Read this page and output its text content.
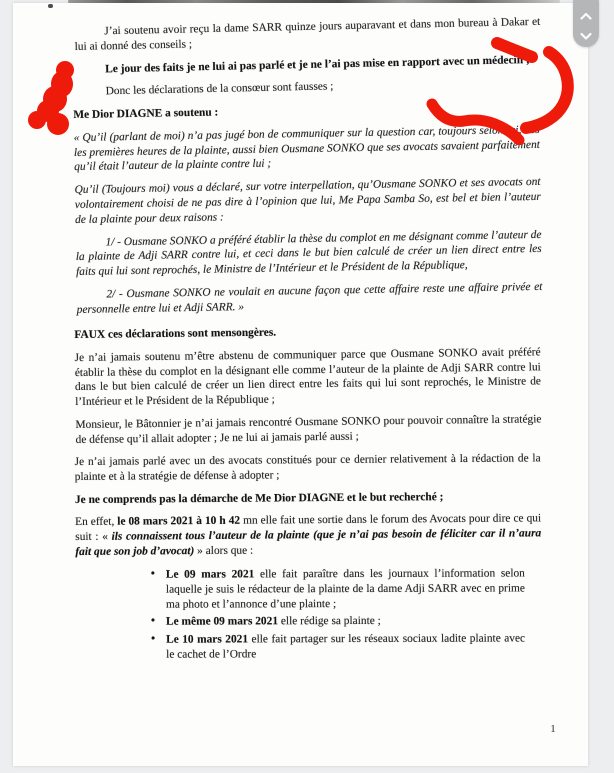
J’ai soutenu avoir reçu la dame SARR quinze jours auparavant et dans mon bureau à Dakar et lui ai donné des conseils ;

Le jour des faits je ne lui ai pas parlé et je ne l’ai pas mise en rapport avec un médecin ;

Donc les déclarations de la consœur sont fausses ;

Me Dior DIAGNE a soutenu :

« Qu’il (parlant de moi) n’a pas jugé bon de communiquer sur la question car, toujours selon lui, dès les premières heures de la plainte, aussi bien Ousmane SONKO que ses avocats savaient parfaitement qu’il était l’auteur de la plainte contre lui ;

Qu’il (Toujours moi) vous a déclaré, sur votre interpellation, qu’Ousmane SONKO et ses avocats ont volontairement choisi de ne pas dire à l’opinion que lui, Me Papa Samba So, est bel et bien l’auteur de la plainte pour deux raisons :

1/ - Ousmane SONKO a préféré établir la thèse du complot en me désignant comme l’auteur de la plainte de Adji SARR contre lui, et ceci dans le but bien calculé de créer un lien direct entre les faits qui lui sont reprochés, le Ministre de l’Intérieur et le Président de la République,

2/ - Ousmane SONKO ne voulait en aucune façon que cette affaire reste une affaire privée et personnelle entre lui et Adji SARR. »

FAUX ces déclarations sont mensongères.

Je n’ai jamais soutenu m’être abstenu de communiquer parce que Ousmane SONKO avait préféré établir la thèse du complot en la désignant elle comme l’auteur de la plainte de Adji SARR contre lui dans le but bien calculé de créer un lien direct entre les faits qui lui sont reprochés, le Ministre de l’Intérieur et le Président de la République ;

Monsieur, le Bâtonnier je n’ai jamais rencontré Ousmane SONKO pour pouvoir connaître la stratégie de défense qu’il allait adopter ; Je ne lui ai jamais parlé aussi ;

Je n’ai jamais parlé avec un des avocats constitués pour ce dernier relativement à la rédaction de la plainte et à la stratégie de défense à adopter ;

Je ne comprends pas la démarche de Me Dior DIAGNE et le but recherché ;

En effet, le 08 mars 2021 à 10 h 42 mn elle fait une sortie dans le forum des Avocats pour dire ce qui suit : « ils connaissent tous l’auteur de la plainte (que je n’ai pas besoin de féliciter car il n’aura fait que son job d’avocat) » alors que :

• Le 09 mars 2021 elle fait paraître dans les journaux l’information selon laquelle je suis le rédacteur de la plainte de la dame Adji SARR avec en prime ma photo et l’annonce d’une plainte ;
• Le même 09 mars 2021 elle rédige sa plainte ;
• Le 10 mars 2021 elle fait partager sur les réseaux sociaux ladite plainte avec le cachet de l’Ordre
1
